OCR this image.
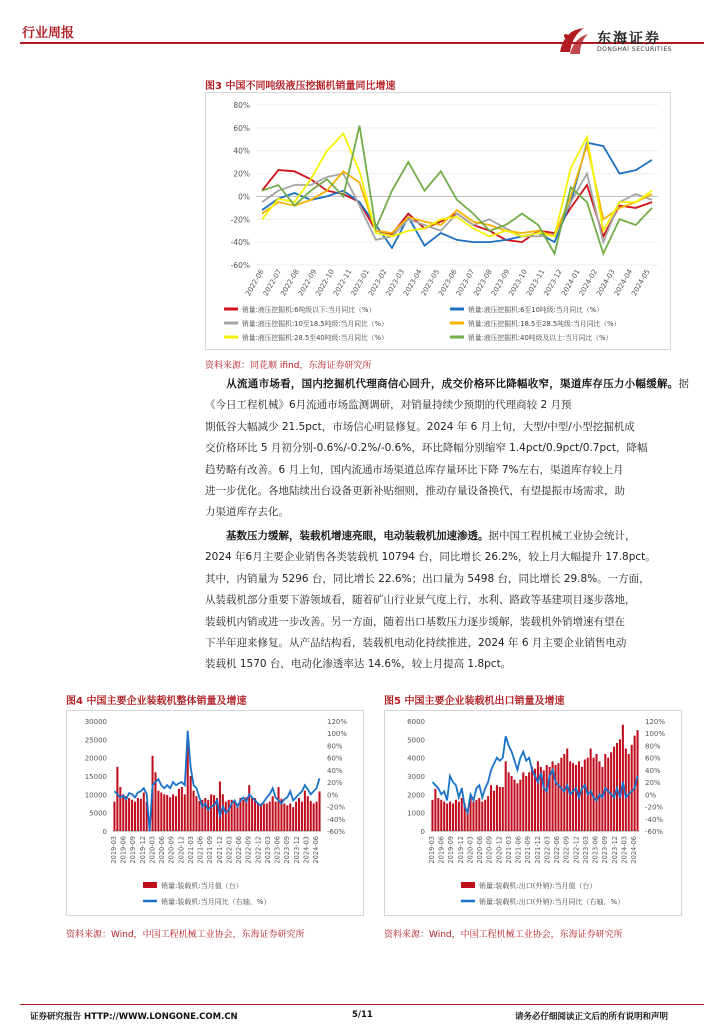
行业周报	东海证券
DONGHAI SECURITIES
图3 中国不同吨级液压挖掘机销量同比增速
80%
60%
40%
20%
0%
-20%
-40%
-60%
2022-06
2022-07
2022-08
2022-09
2022-10
2022-11
2023-01
2023-02
2023-03
2023-04
2023-05
2023-06
2023-07
2023-08
2023-09
2023-10
2023-11
2023-12
2024-01
2024-02
2024-03
2024-04
2024-05
销量:液压挖掘机:6吨级以下:当月同比（%）	销量:液压挖掘机:6至10吨级:当月同比（%）
销量:液压挖掘机:10至18.5吨级:当月同比（%）	销量:液压挖掘机:18.5至28.5吨级:当月同比（%）
销量:液压挖掘机:28.5至40吨级:当月同比（%）	销量:液压挖掘机:40吨级及以上:当月同比（%）
资料来源：同花顺 ifind，东海证券研究所
从流通市场看，国内挖掘机代理商信心回升，成交价格环比降幅收窄，渠道库存压力小幅缓解。据《今日工程机械》6月流通市场监测调研，对销量持续少预期的代理商较 2 月预
期低谷大幅减少 21.5pct，市场信心明显修复。2024 年 6 月上旬，大型/中型/小型挖掘机成
交价格环比 5 月初分别-0.6%/-0.2%/-0.6%，环比降幅分别缩窄 1.4pct/0.9pct/0.7pct，降幅
趋势略有改善。6 月上旬，国内流通市场渠道总库存量环比下降 7%左右，渠道库存较上月
进一步优化。各地陆续出台设备更新补贴细则，推动存量设备换代，有望提振市场需求，助
力渠道库存去化。
基数压力缓解，装载机增速亮眼，电动装载机加速渗透。据中国工程机械工业协会统计，
2024 年6月主要企业销售各类装载机 10794 台，同比增长 26.2%，较上月大幅提升 17.8pct。
其中，内销量为 5296 台，同比增长 22.6%；出口量为 5498 台，同比增长 29.8%。一方面，
从装载机部分重要下游领域看，随着矿山行业景气度上行，水利、路政等基建项目逐步落地，
装载机内销或进一步改善。另一方面，随着出口基数压力逐步缓解，装载机外销增速有望在
下半年迎来修复。从产品结构看，装载机电动化持续推进，2024 年 6 月主要企业销售电动
装载机 1570 台，电动化渗透率达 14.6%，较上月提高 1.8pct。
图4 中国主要企业装载机整体销量及增速
30000
25000
20000
15000
10000
5000
0
120%
100%
80%
60%
40%
20%
0%
-20%
-40%
-60%
2019-03 2019-06 2019-09 2019-12 2020-03 2020-06 2020-09 2020-12 2021-03 2021-06 2021-09 2021-12 2022-03 2022-06 2022-09 2022-12 2023-03 2023-06 2023-09 2023-12 2024-03 2024-06
销量:装载机:当月值（台）
销量:装载机:当月同比（右轴，%）
资料来源：Wind，中国工程机械工业协会，东海证券研究所
图5 中国主要企业装载机出口销量及增速
6000
5000
4000
3000
2000
1000
0
120%
100%
80%
60%
40%
20%
0%
-20%
-40%
-60%
2019-03 2019-06 2019-09 2019-12 2020-03 2020-06 2020-09 2020-12 2021-03 2021-06 2021-09 2021-12 2022-03 2022-06 2022-09 2022-12 2023-03 2023-06 2023-09 2023-12 2024-03 2024-06
销量:装载机:出口(外销):当月值（台）
销量:装载机:出口(外销):当月同比（右轴，%）
资料来源：Wind，中国工程机械工业协会，东海证券研究所
证券研究报告 HTTP://WWW.LONGONE.COM.CN	5/11	请务必仔细阅读正文后的所有说明和声明
